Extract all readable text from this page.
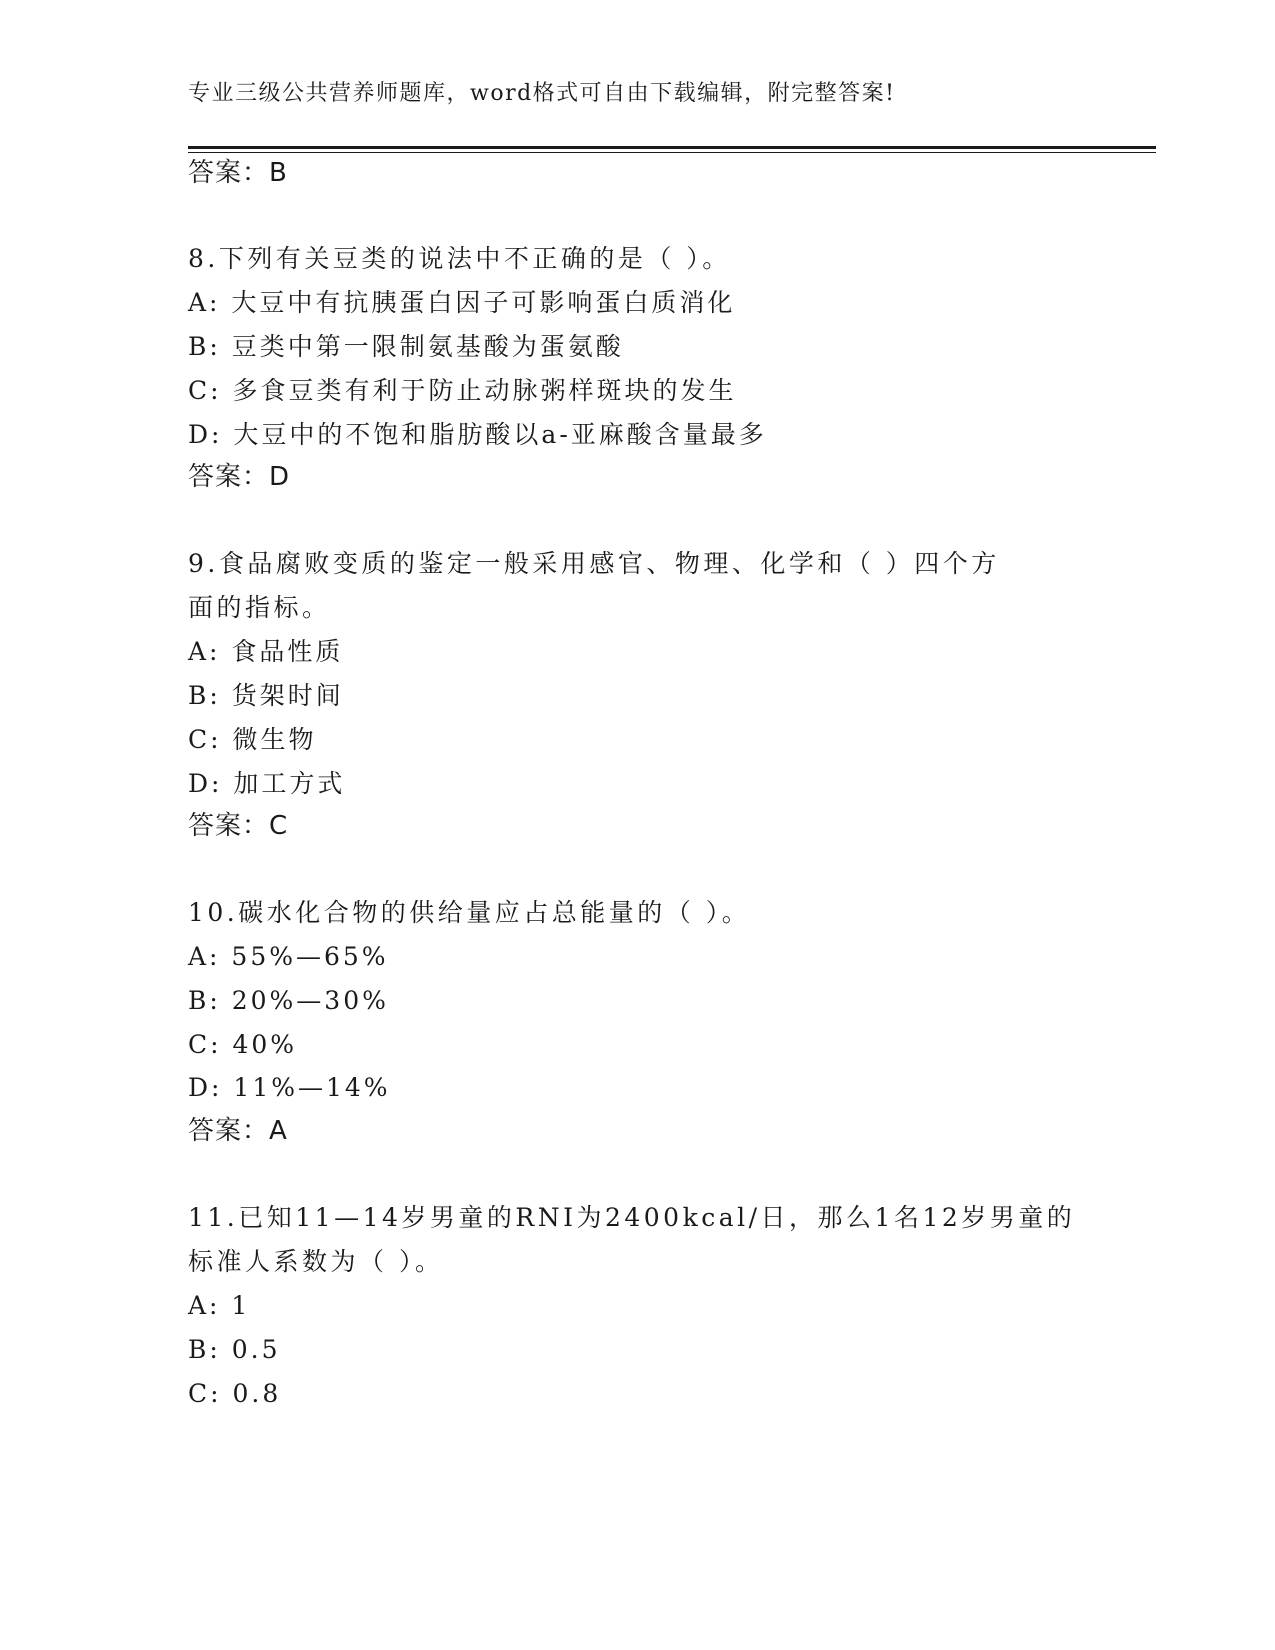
专业三级公共营养师题库，word格式可自由下载编辑，附完整答案!
答案：B
8.下列有关豆类的说法中不正确的是（ ）。
A: 大豆中有抗胰蛋白因子可影响蛋白质消化
B: 豆类中第一限制氨基酸为蛋氨酸
C: 多食豆类有利于防止动脉粥样斑块的发生
D: 大豆中的不饱和脂肪酸以a-亚麻酸含量最多
答案：D
9.食品腐败变质的鉴定一般采用感官、物理、化学和（ ）四个方
面的指标。
A: 食品性质
B: 货架时间
C: 微生物
D: 加工方式
答案：C
10.碳水化合物的供给量应占总能量的（ ）。
A: 55%—65%
B: 20%—30%
C: 40%
D: 11%—14%
答案：A
11.已知11—14岁男童的RNI为2400kcal/日，那么1名12岁男童的
标准人系数为（ ）。
A: 1
B: 0.5
C: 0.8
